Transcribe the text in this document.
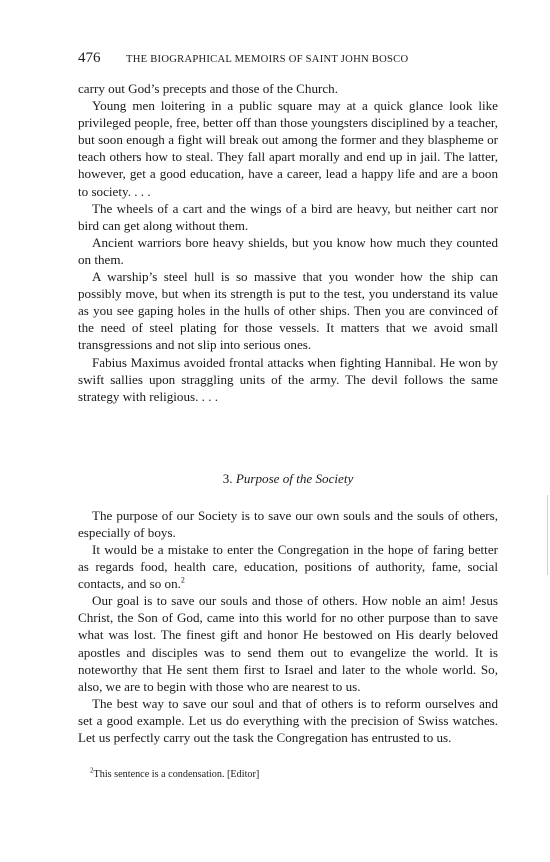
476	THE BIOGRAPHICAL MEMOIRS OF SAINT JOHN BOSCO

carry out God’s precepts and those of the Church.

Young men loitering in a public square may at a quick glance look like privileged people, free, better off than those youngsters disciplined by a teacher, but soon enough a fight will break out among the former and they blaspheme or teach others how to steal. They fall apart morally and end up in jail. The latter, however, get a good education, have a career, lead a happy life and are a boon to society. . . .

The wheels of a cart and the wings of a bird are heavy, but neither cart nor bird can get along without them.

Ancient warriors bore heavy shields, but you know how much they counted on them.

A warship’s steel hull is so massive that you wonder how the ship can possibly move, but when its strength is put to the test, you understand its value as you see gaping holes in the hulls of other ships. Then you are convinced of the need of steel plating for those vessels. It matters that we avoid small transgressions and not slip into serious ones.

Fabius Maximus avoided frontal attacks when fighting Hannibal. He won by swift sallies upon straggling units of the army. The devil follows the same strategy with religious. . . .

3. Purpose of the Society

The purpose of our Society is to save our own souls and the souls of others, especially of boys.

It would be a mistake to enter the Congregation in the hope of faring better as regards food, health care, education, positions of authority, fame, social contacts, and so on.$^2$

Our goal is to save our souls and those of others. How noble an aim! Jesus Christ, the Son of God, came into this world for no other purpose than to save what was lost. The finest gift and honor He bestowed on His dearly beloved apostles and disciples was to send them out to evangelize the world. It is noteworthy that He sent them first to Israel and later to the whole world. So, also, we are to begin with those who are nearest to us.

The best way to save our soul and that of others is to reform ourselves and set a good example. Let us do everything with the precision of Swiss watches. Let us perfectly carry out the task the Congregation has entrusted to us.

$^2$This sentence is a condensation. [Editor]
